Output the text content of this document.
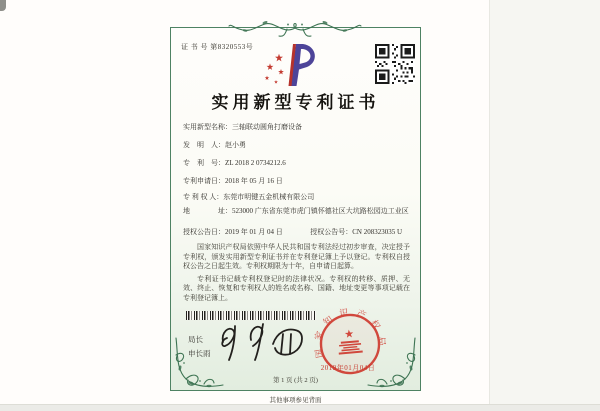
证 书 号 第8320553号
实用新型专利证书
实用新型名称： 三轴联动圆角打磨设备
发　明　人： 赵小勇
专　利　号： ZL 2018 2 0734212.6
专利申请日： 2018 年 05 月 16 日
专 利 权 人： 东莞市明键五金机械有限公司
地　　　　址： 523000 广东省东莞市虎门镇怀德社区大坑路松园边工业区
授权公告日：2019 年 01 月 04 日	授权公告号：CN 208323035 U

国家知识产权局依照中华人民共和国专利法经过初步审查，决定授予专利权，颁发实用新型专利证书并在专利登记簿上予以登记。专利权自授权公告之日起生效。专利权期限为十年，自申请日起算。

专利证书记载专利权登记时的法律状况。专利权的转移、质押、无效、终止、恢复和专利权人的姓名或名称、国籍、地址变更等事项记载在专利登记簿上。

局长
申长雨	国家知识产权局
2019年01月04日
第 1 页 (共 2 页)
其他事项参见背面
